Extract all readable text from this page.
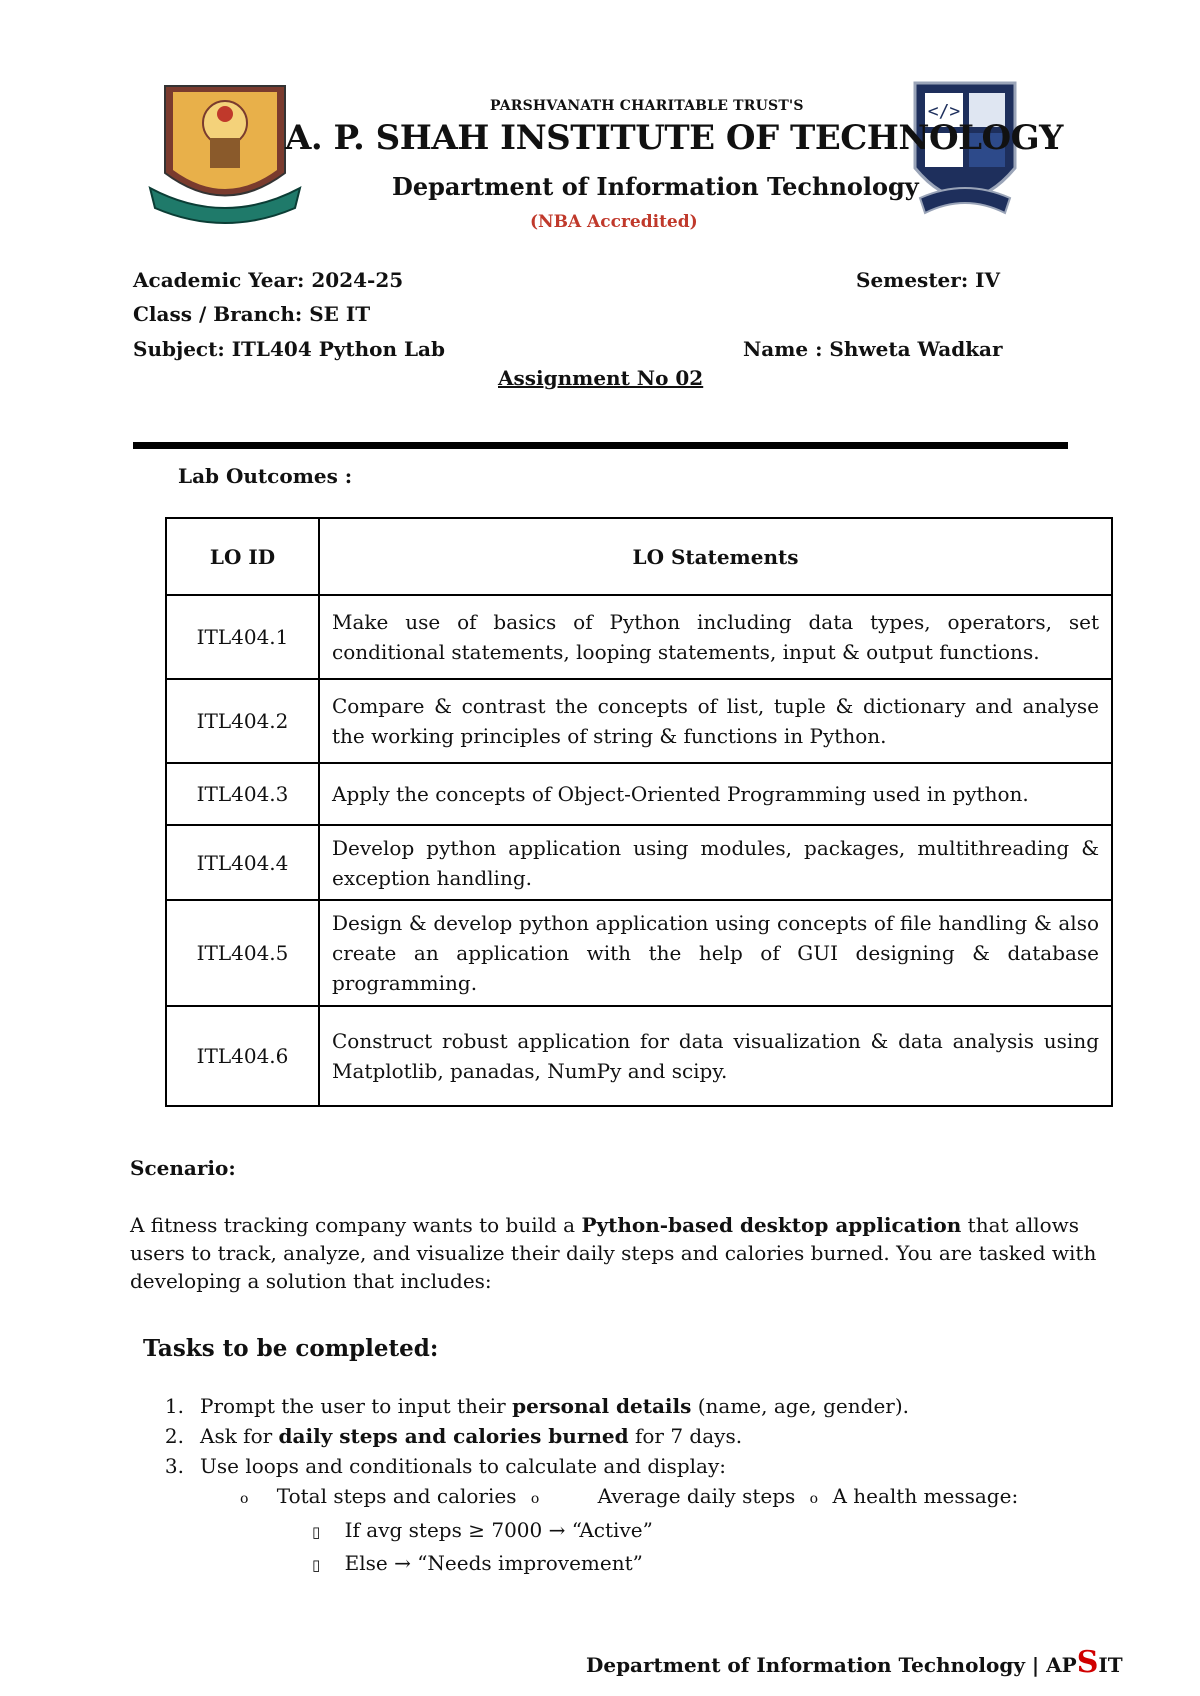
</>
PARSHVANATH CHARITABLE TRUST'S
A. P. SHAH INSTITUTE OF TECHNOLOGY
Department of Information Technology
(NBA Accredited)
Academic Year: 2024-25	Semester: IV
Class / Branch: SE IT
Subject: ITL404 Python Lab	Name : Shweta Wadkar
Assignment No 02
Lab Outcomes :
LO ID	LO Statements
ITL404.1	Make use of basics of Python including data types, operators, set conditional statements, looping statements, input & output functions.
ITL404.2	Compare & contrast the concepts of list, tuple & dictionary and analyse the working principles of string & functions in Python.
ITL404.3	Apply the concepts of Object-Oriented Programming used in python.
ITL404.4	Develop python application using modules, packages, multithreading & exception handling.
ITL404.5	Design & develop python application using concepts of file handling & also create an application with the help of GUI designing & database programming.
ITL404.6	Construct robust application for data visualization & data analysis using Matplotlib, panadas, NumPy and scipy.
Scenario:
A fitness tracking company wants to build a Python-based desktop application that allows users to track, analyze, and visualize their daily steps and calories burned. You are tasked with developing a solution that includes:
Tasks to be completed:
1. Prompt the user to input their personal details (name, age, gender).
2. Ask for daily steps and calories burned for 7 days.
3. Use loops and conditionals to calculate and display:
o Total steps and calories o	Average daily steps o A health message:
▯ If avg steps ≥ 7000 → “Active”
▯ Else → “Needs improvement”
Department of Information Technology | APSIT
